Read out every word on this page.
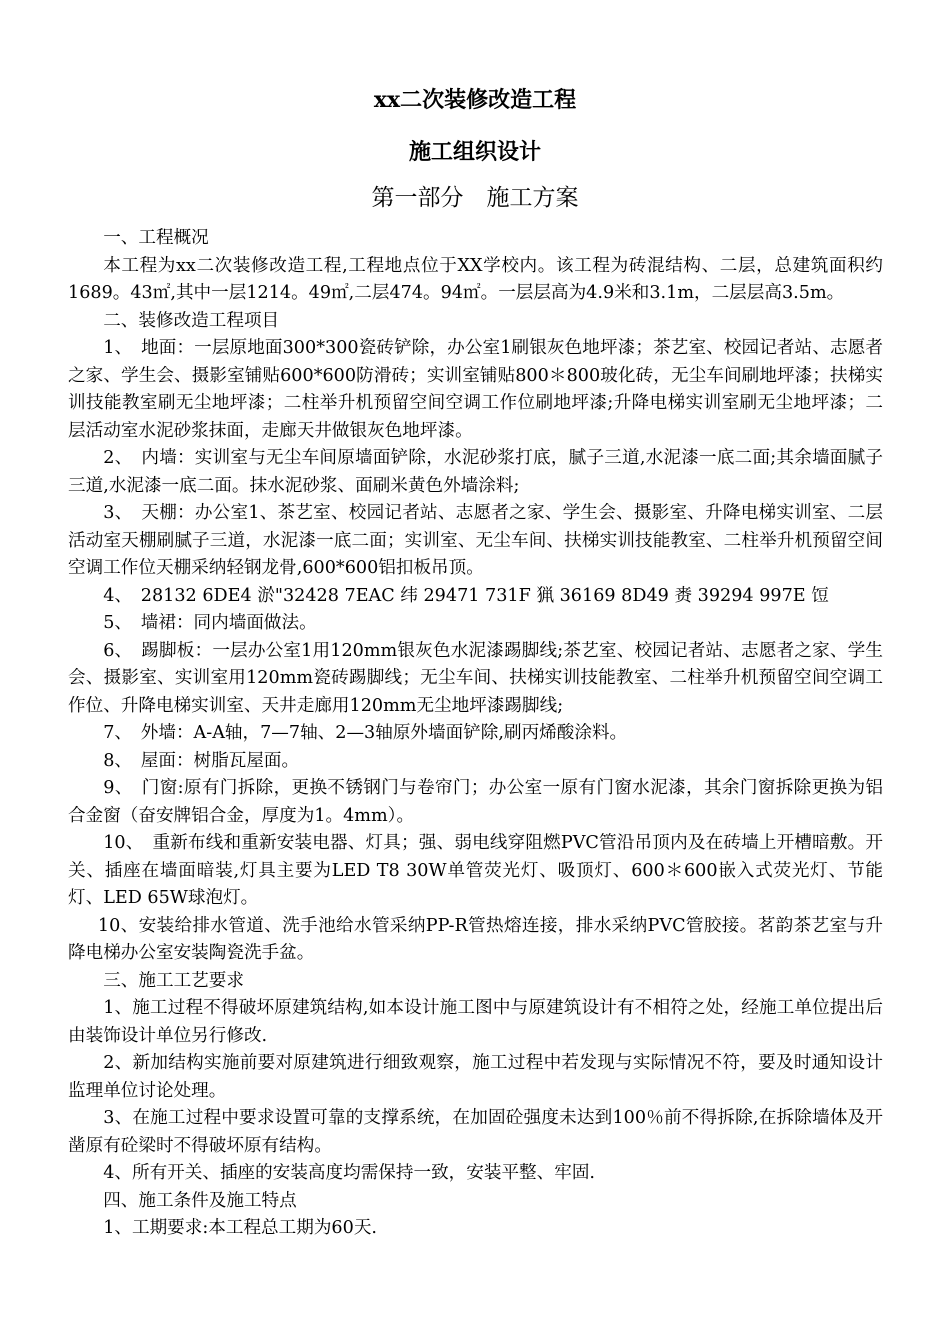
xx二次装修改造工程
施工组织设计
第一部分　施工方案

一、工程概况

本工程为xx二次装修改造工程,工程地点位于XX学校内。该工程为砖混结构、二层，总建筑面积约1689。43㎡,其中一层1214。49㎡,二层474。94㎡。一层层高为4.9米和3.1m，二层层高3.5m。

二、装修改造工程项目

1、　地面：一层原地面300*300瓷砖铲除，办公室1刷银灰色地坪漆；茶艺室、校园记者站、志愿者之家、学生会、摄影室铺贴600*600防滑砖；实训室铺贴800＊800玻化砖，无尘车间刷地坪漆；扶梯实训技能教室刷无尘地坪漆；二柱举升机预留空间空调工作位刷地坪漆;升降电梯实训室刷无尘地坪漆；二层活动室水泥砂浆抹面，走廊天井做银灰色地坪漆。

2、　内墙：实训室与无尘车间原墙面铲除，水泥砂浆打底，腻子三道,水泥漆一底二面;其余墙面腻子三道,水泥漆一底二面。抹水泥砂浆、面刷米黄色外墙涂料;

3、　天棚：办公室1、茶艺室、校园记者站、志愿者之家、学生会、摄影室、升降电梯实训室、二层活动室天棚刷腻子三道，水泥漆一底二面；实训室、无尘车间、扶梯实训技能教室、二柱举升机预留空间空调工作位天棚采纳轻钢龙骨,600*600铝扣板吊顶。

4、　28132 6DE4 淤"32428 7EAC 纬 29471 731F 猟 36169 8D49 赉 39294 997E 饾

5、　墙裙：同内墙面做法。

6、　踢脚板：一层办公室1用120mm银灰色水泥漆踢脚线;茶艺室、校园记者站、志愿者之家、学生会、摄影室、实训室用120mm瓷砖踢脚线；无尘车间、扶梯实训技能教室、二柱举升机预留空间空调工作位、升降电梯实训室、天井走廊用120mm无尘地坪漆踢脚线;

7、　外墙：A-A轴，7—7轴、2—3轴原外墙面铲除,刷丙烯酸涂料。

8、　屋面：树脂瓦屋面。

9、　门窗:原有门拆除，更换不锈钢门与卷帘门；办公室一原有门窗水泥漆，其余门窗拆除更换为铝合金窗（奋安牌铝合金，厚度为1。4mm）。

10、　重新布线和重新安装电器、灯具；强、弱电线穿阻燃PVC管沿吊顶内及在砖墙上开槽暗敷。开关、插座在墙面暗装,灯具主要为LED T8 30W单管荧光灯、吸顶灯、600＊600嵌入式荧光灯、节能灯、LED 65W球泡灯。

10、安装给排水管道、洗手池给水管采纳PP-R管热熔连接，排水采纳PVC管胶接。茗韵茶艺室与升降电梯办公室安装陶瓷洗手盆。

三、施工工艺要求

1、施工过程不得破坏原建筑结构,如本设计施工图中与原建筑设计有不相符之处，经施工单位提出后由装饰设计单位另行修改.

2、新加结构实施前要对原建筑进行细致观察，施工过程中若发现与实际情况不符，要及时通知设计监理单位讨论处理。

3、在施工过程中要求设置可靠的支撑系统，在加固砼强度未达到100％前不得拆除,在拆除墙体及开凿原有砼梁时不得破坏原有结构。

4、所有开关、插座的安装高度均需保持一致，安装平整、牢固.

四、施工条件及施工特点

1、工期要求:本工程总工期为60天.
